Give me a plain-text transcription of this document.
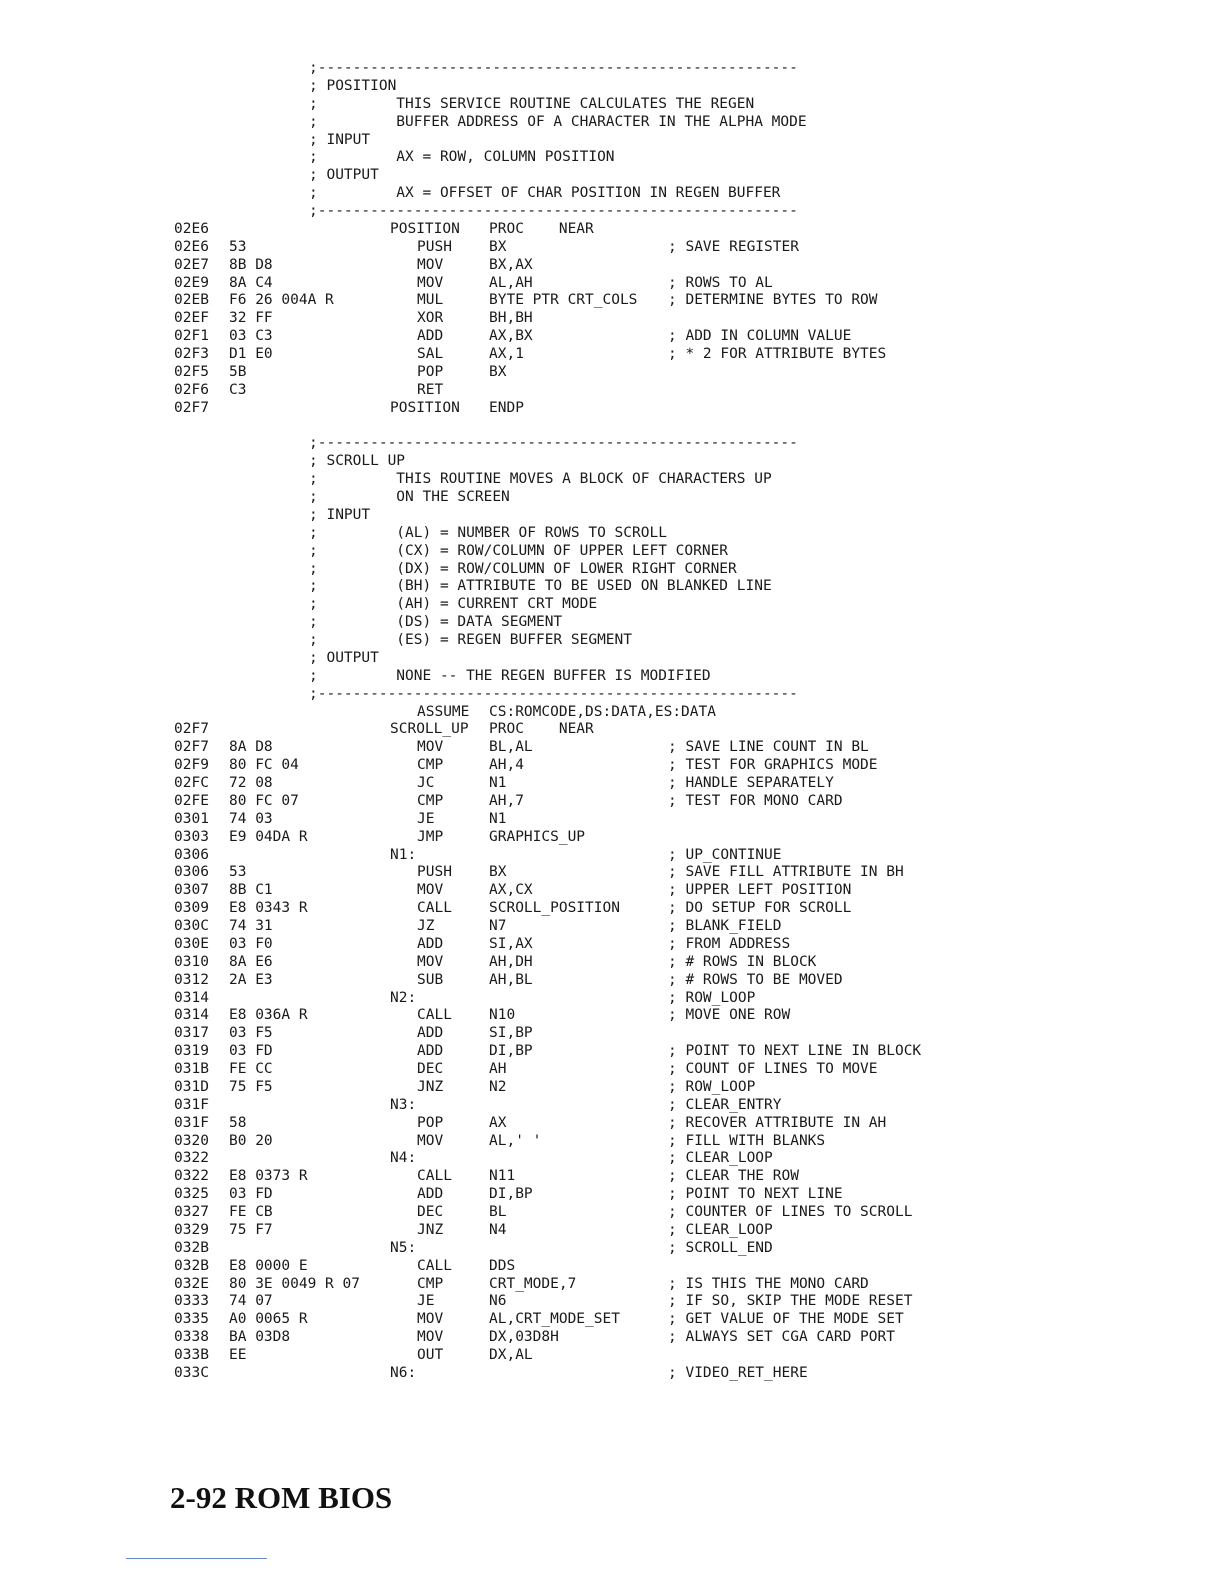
;-------------------------------------------------------
; POSITION
;         THIS SERVICE ROUTINE CALCULATES THE REGEN
;         BUFFER ADDRESS OF A CHARACTER IN THE ALPHA MODE
; INPUT
;         AX = ROW, COLUMN POSITION
; OUTPUT
;         AX = OFFSET OF CHAR POSITION IN REGEN BUFFER
;-------------------------------------------------------
02E6	POSITION PROC    NEAR
02E6 53	PUSH	BX	; SAVE REGISTER
02E7 8B D8	MOV	BX,AX
02E9 8A C4	MOV	AL,AH	; ROWS TO AL
02EB F6 26 004A R	MUL	BYTE PTR CRT_COLS ; DETERMINE BYTES TO ROW
02EF 32 FF	XOR	BH,BH
02F1 03 C3	ADD	AX,BX	; ADD IN COLUMN VALUE
02F3 D1 E0	SAL	AX,1	; * 2 FOR ATTRIBUTE BYTES
02F5 5B	POP	BX
02F6 C3	RET
02F7	POSITION ENDP
;-------------------------------------------------------
; SCROLL UP
;         THIS ROUTINE MOVES A BLOCK OF CHARACTERS UP
;         ON THE SCREEN
; INPUT
;         (AL) = NUMBER OF ROWS TO SCROLL
;         (CX) = ROW/COLUMN OF UPPER LEFT CORNER
;         (DX) = ROW/COLUMN OF LOWER RIGHT CORNER
;         (BH) = ATTRIBUTE TO BE USED ON BLANKED LINE
;         (AH) = CURRENT CRT MODE
;         (DS) = DATA SEGMENT
;         (ES) = REGEN BUFFER SEGMENT
; OUTPUT
;         NONE -- THE REGEN BUFFER IS MODIFIED
;-------------------------------------------------------
ASSUME CS:ROMCODE,DS:DATA,ES:DATA
02F7	SCROLL_UP PROC    NEAR
02F7 8A D8	MOV	BL,AL	; SAVE LINE COUNT IN BL
02F9 80 FC 04	CMP	AH,4	; TEST FOR GRAPHICS MODE
02FC 72 08	JC	N1	; HANDLE SEPARATELY
02FE 80 FC 07	CMP	AH,7	; TEST FOR MONO CARD
0301 74 03	JE	N1
0303 E9 04DA R	JMP	GRAPHICS_UP
0306	N1:	; UP_CONTINUE
0306 53	PUSH	BX	; SAVE FILL ATTRIBUTE IN BH
0307 8B C1	MOV	AX,CX	; UPPER LEFT POSITION
0309 E8 0343 R	CALL	SCROLL_POSITION	; DO SETUP FOR SCROLL
030C 74 31	JZ	N7	; BLANK_FIELD
030E 03 F0	ADD	SI,AX	; FROM ADDRESS
0310 8A E6	MOV	AH,DH	; # ROWS IN BLOCK
0312 2A E3	SUB	AH,BL	; # ROWS TO BE MOVED
0314	N2:	; ROW_LOOP
0314 E8 036A R	CALL	N10	; MOVE ONE ROW
0317 03 F5	ADD	SI,BP
0319 03 FD	ADD	DI,BP	; POINT TO NEXT LINE IN BLOCK
031B FE CC	DEC	AH	; COUNT OF LINES TO MOVE
031D 75 F5	JNZ	N2	; ROW_LOOP
031F	N3:	; CLEAR_ENTRY
031F 58	POP	AX	; RECOVER ATTRIBUTE IN AH
0320 B0 20	MOV	AL,' '	; FILL WITH BLANKS
0322	N4:	; CLEAR_LOOP
0322 E8 0373 R	CALL	N11	; CLEAR THE ROW
0325 03 FD	ADD	DI,BP	; POINT TO NEXT LINE
0327 FE CB	DEC	BL	; COUNTER OF LINES TO SCROLL
0329 75 F7	JNZ	N4	; CLEAR_LOOP
032B	N5:	; SCROLL_END
032B E8 0000 E	CALL	DDS
032E 80 3E 0049 R 07	CMP	CRT_MODE,7	; IS THIS THE MONO CARD
0333 74 07	JE	N6	; IF SO, SKIP THE MODE RESET
0335 A0 0065 R	MOV	AL,CRT_MODE_SET	; GET VALUE OF THE MODE SET
0338 BA 03D8	MOV	DX,03D8H	; ALWAYS SET CGA CARD PORT
033B EE	OUT	DX,AL
033C	N6:	; VIDEO_RET_HERE
2-92 ROM BIOS
